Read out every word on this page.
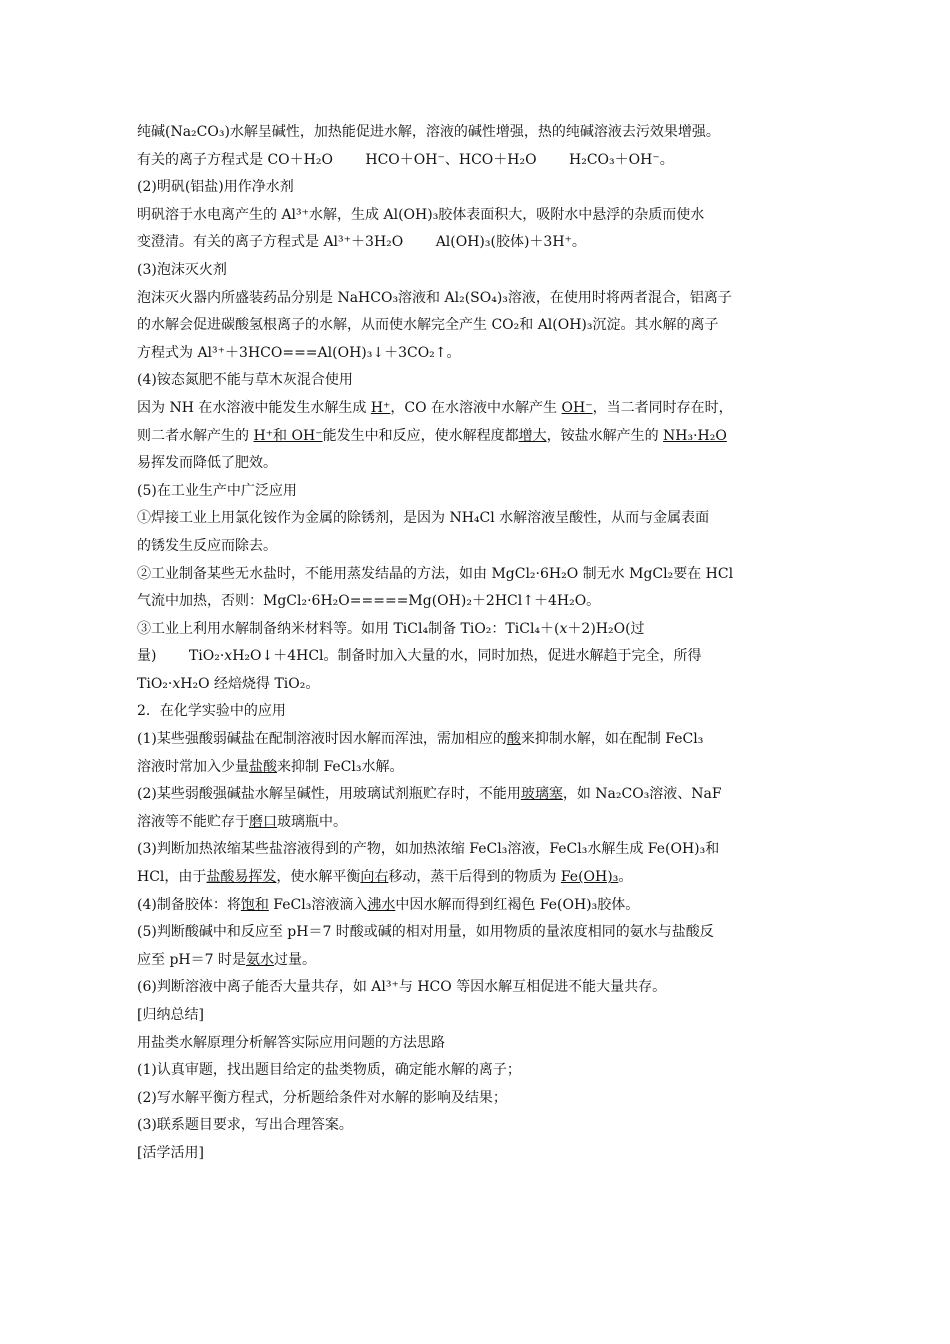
纯碱(Na₂CO₃)水解呈碱性，加热能促进水解，溶液的碱性增强，热的纯碱溶液去污效果增强。
有关的离子方程式是 CO＋H₂O　　 HCO＋OH⁻、HCO＋H₂O　　 H₂CO₃＋OH⁻。
(2)明矾(铝盐)用作净水剂
明矾溶于水电离产生的 Al³⁺水解，生成 Al(OH)₃胶体表面积大，吸附水中悬浮的杂质而使水
变澄清。有关的离子方程式是 Al³⁺＋3H₂O　　 Al(OH)₃(胶体)＋3H⁺。
(3)泡沫灭火剂
泡沫灭火器内所盛装药品分别是 NaHCO₃溶液和 Al₂(SO₄)₃溶液，在使用时将两者混合，铝离子
的水解会促进碳酸氢根离子的水解，从而使水解完全产生 CO₂和 Al(OH)₃沉淀。其水解的离子
方程式为 Al³⁺＋3HCO===Al(OH)₃↓＋3CO₂↑。
(4)铵态氮肥不能与草木灰混合使用
因为 NH 在水溶液中能发生水解生成 H⁺，CO 在水溶液中水解产生 OH⁻，当二者同时存在时，
则二者水解产生的 H⁺和 OH⁻能发生中和反应，使水解程度都增大，铵盐水解产生的 NH₃·H₂O
易挥发而降低了肥效。
(5)在工业生产中广泛应用
①焊接工业上用氯化铵作为金属的除锈剂，是因为 NH₄Cl 水解溶液呈酸性，从而与金属表面
的锈发生反应而除去。
②工业制备某些无水盐时，不能用蒸发结晶的方法，如由 MgCl₂·6H₂O 制无水 MgCl₂要在 HCl
气流中加热，否则：MgCl₂·6H₂O=====Mg(OH)₂＋2HCl↑＋4H₂O。
③工业上利用水解制备纳米材料等。如用 TiCl₄制备 TiO₂：TiCl₄＋(x＋2)H₂O(过
量)　　 TiO₂·xH₂O↓＋4HCl。制备时加入大量的水，同时加热，促进水解趋于完全，所得
TiO₂·xH₂O 经焙烧得 TiO₂。
2．在化学实验中的应用
(1)某些强酸弱碱盐在配制溶液时因水解而浑浊，需加相应的酸来抑制水解，如在配制 FeCl₃
溶液时常加入少量盐酸来抑制 FeCl₃水解。
(2)某些弱酸强碱盐水解呈碱性，用玻璃试剂瓶贮存时，不能用玻璃塞，如 Na₂CO₃溶液、NaF
溶液等不能贮存于磨口玻璃瓶中。
(3)判断加热浓缩某些盐溶液得到的产物，如加热浓缩 FeCl₃溶液，FeCl₃水解生成 Fe(OH)₃和
HCl，由于盐酸易挥发，使水解平衡向右移动，蒸干后得到的物质为 Fe(OH)₃。
(4)制备胶体：将饱和 FeCl₃溶液滴入沸水中因水解而得到红褐色 Fe(OH)₃胶体。
(5)判断酸碱中和反应至 pH＝7 时酸或碱的相对用量，如用物质的量浓度相同的氨水与盐酸反
应至 pH＝7 时是氨水过量。
(6)判断溶液中离子能否大量共存，如 Al³⁺与 HCO 等因水解互相促进不能大量共存。
[归纳总结]
用盐类水解原理分析解答实际应用问题的方法思路
(1)认真审题，找出题目给定的盐类物质，确定能水解的离子；
(2)写水解平衡方程式，分析题给条件对水解的影响及结果；
(3)联系题目要求，写出合理答案。
[活学活用]
